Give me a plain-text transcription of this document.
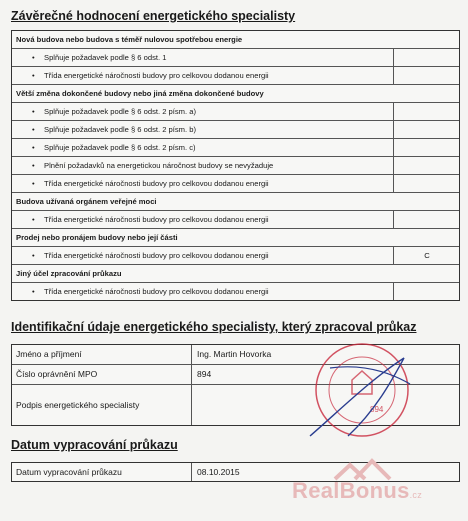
Závěrečné hodnocení energetického specialisty
Nová budova nebo budova s téměř nulovou spotřebou energie
• Splňuje požadavek podle § 6 odst. 1
• Třída energetické náročnosti budovy pro celkovou dodanou energii
Větší změna dokončené budovy nebo jiná změna dokončené budovy
• Splňuje požadavek podle § 6 odst. 2 písm. a)
• Splňuje požadavek podle § 6 odst. 2 písm. b)
• Splňuje požadavek podle § 6 odst. 2 písm. c)
• Plnění požadavků na energetickou náročnost budovy se nevyžaduje
• Třída energetické náročnosti budovy pro celkovou dodanou energii
Budova užívaná orgánem veřejné moci
• Třída energetické náročnosti budovy pro celkovou dodanou energii
Prodej nebo pronájem budovy nebo její části
• Třída energetické náročnosti budovy pro celkovou dodanou energii	C
Jiný účel zpracování průkazu
• Třída energetické náročnosti budovy pro celkovou dodanou energii
Identifikační údaje energetického specialisty, který zpracoval průkaz
Jméno a příjmení	Ing. Martin Hovorka
Číslo oprávnění MPO	894
Podpis energetického specialisty
Datum vypracování průkazu
Datum vypracování průkazu	08.10.2015
894
RealBonus.cz
